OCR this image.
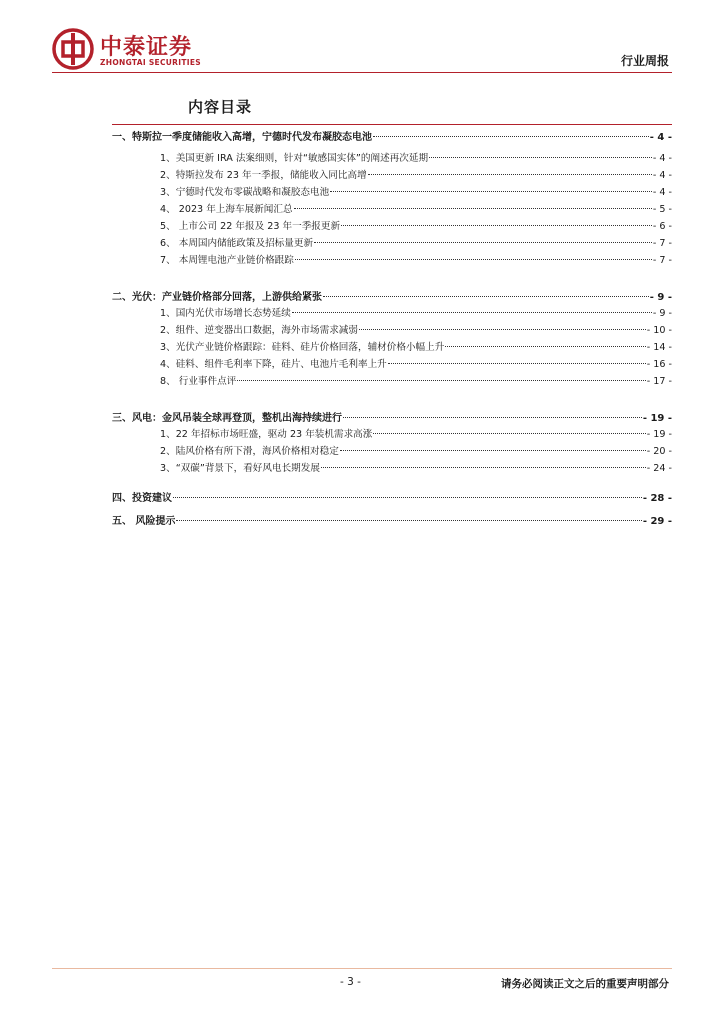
中泰证券
ZHONGTAI SECURITIES	行业周报
内容目录
一、特斯拉一季度储能收入高增，宁德时代发布凝胶态电池	- 4 -
1、美国更新 IRA 法案细则，针对“敏感国实体”的阐述再次延期	- 4 -
2、特斯拉发布 23 年一季报，储能收入同比高增	- 4 -
3、宁德时代发布零碳战略和凝胶态电池	- 4 -
4、 2023 年上海车展新闻汇总	- 5 -
5、 上市公司 22 年报及 23 年一季报更新	- 6 -
6、 本周国内储能政策及招标量更新	- 7 -
7、 本周锂电池产业链价格跟踪	- 7 -
二、光伏：产业链价格部分回落，上游供给紧张	- 9 -
1、国内光伏市场增长态势延续	- 9 -
2、组件、逆变器出口数据，海外市场需求减弱	- 10 -
3、光伏产业链价格跟踪：硅料、硅片价格回落，辅材价格小幅上升	- 14 -
4、硅料、组件毛利率下降，硅片、电池片毛利率上升	- 16 -
8、 行业事件点评	- 17 -
三、风电：金风吊装全球再登顶，整机出海持续进行	- 19 -
1、22 年招标市场旺盛，驱动 23 年装机需求高涨	- 19 -
2、陆风价格有所下滑，海风价格相对稳定	- 20 -
3、“双碳”背景下，看好风电长期发展	- 24 -
四、投资建议	- 28 -
五、 风险提示	- 29 -
- 3 -	请务必阅读正文之后的重要声明部分
